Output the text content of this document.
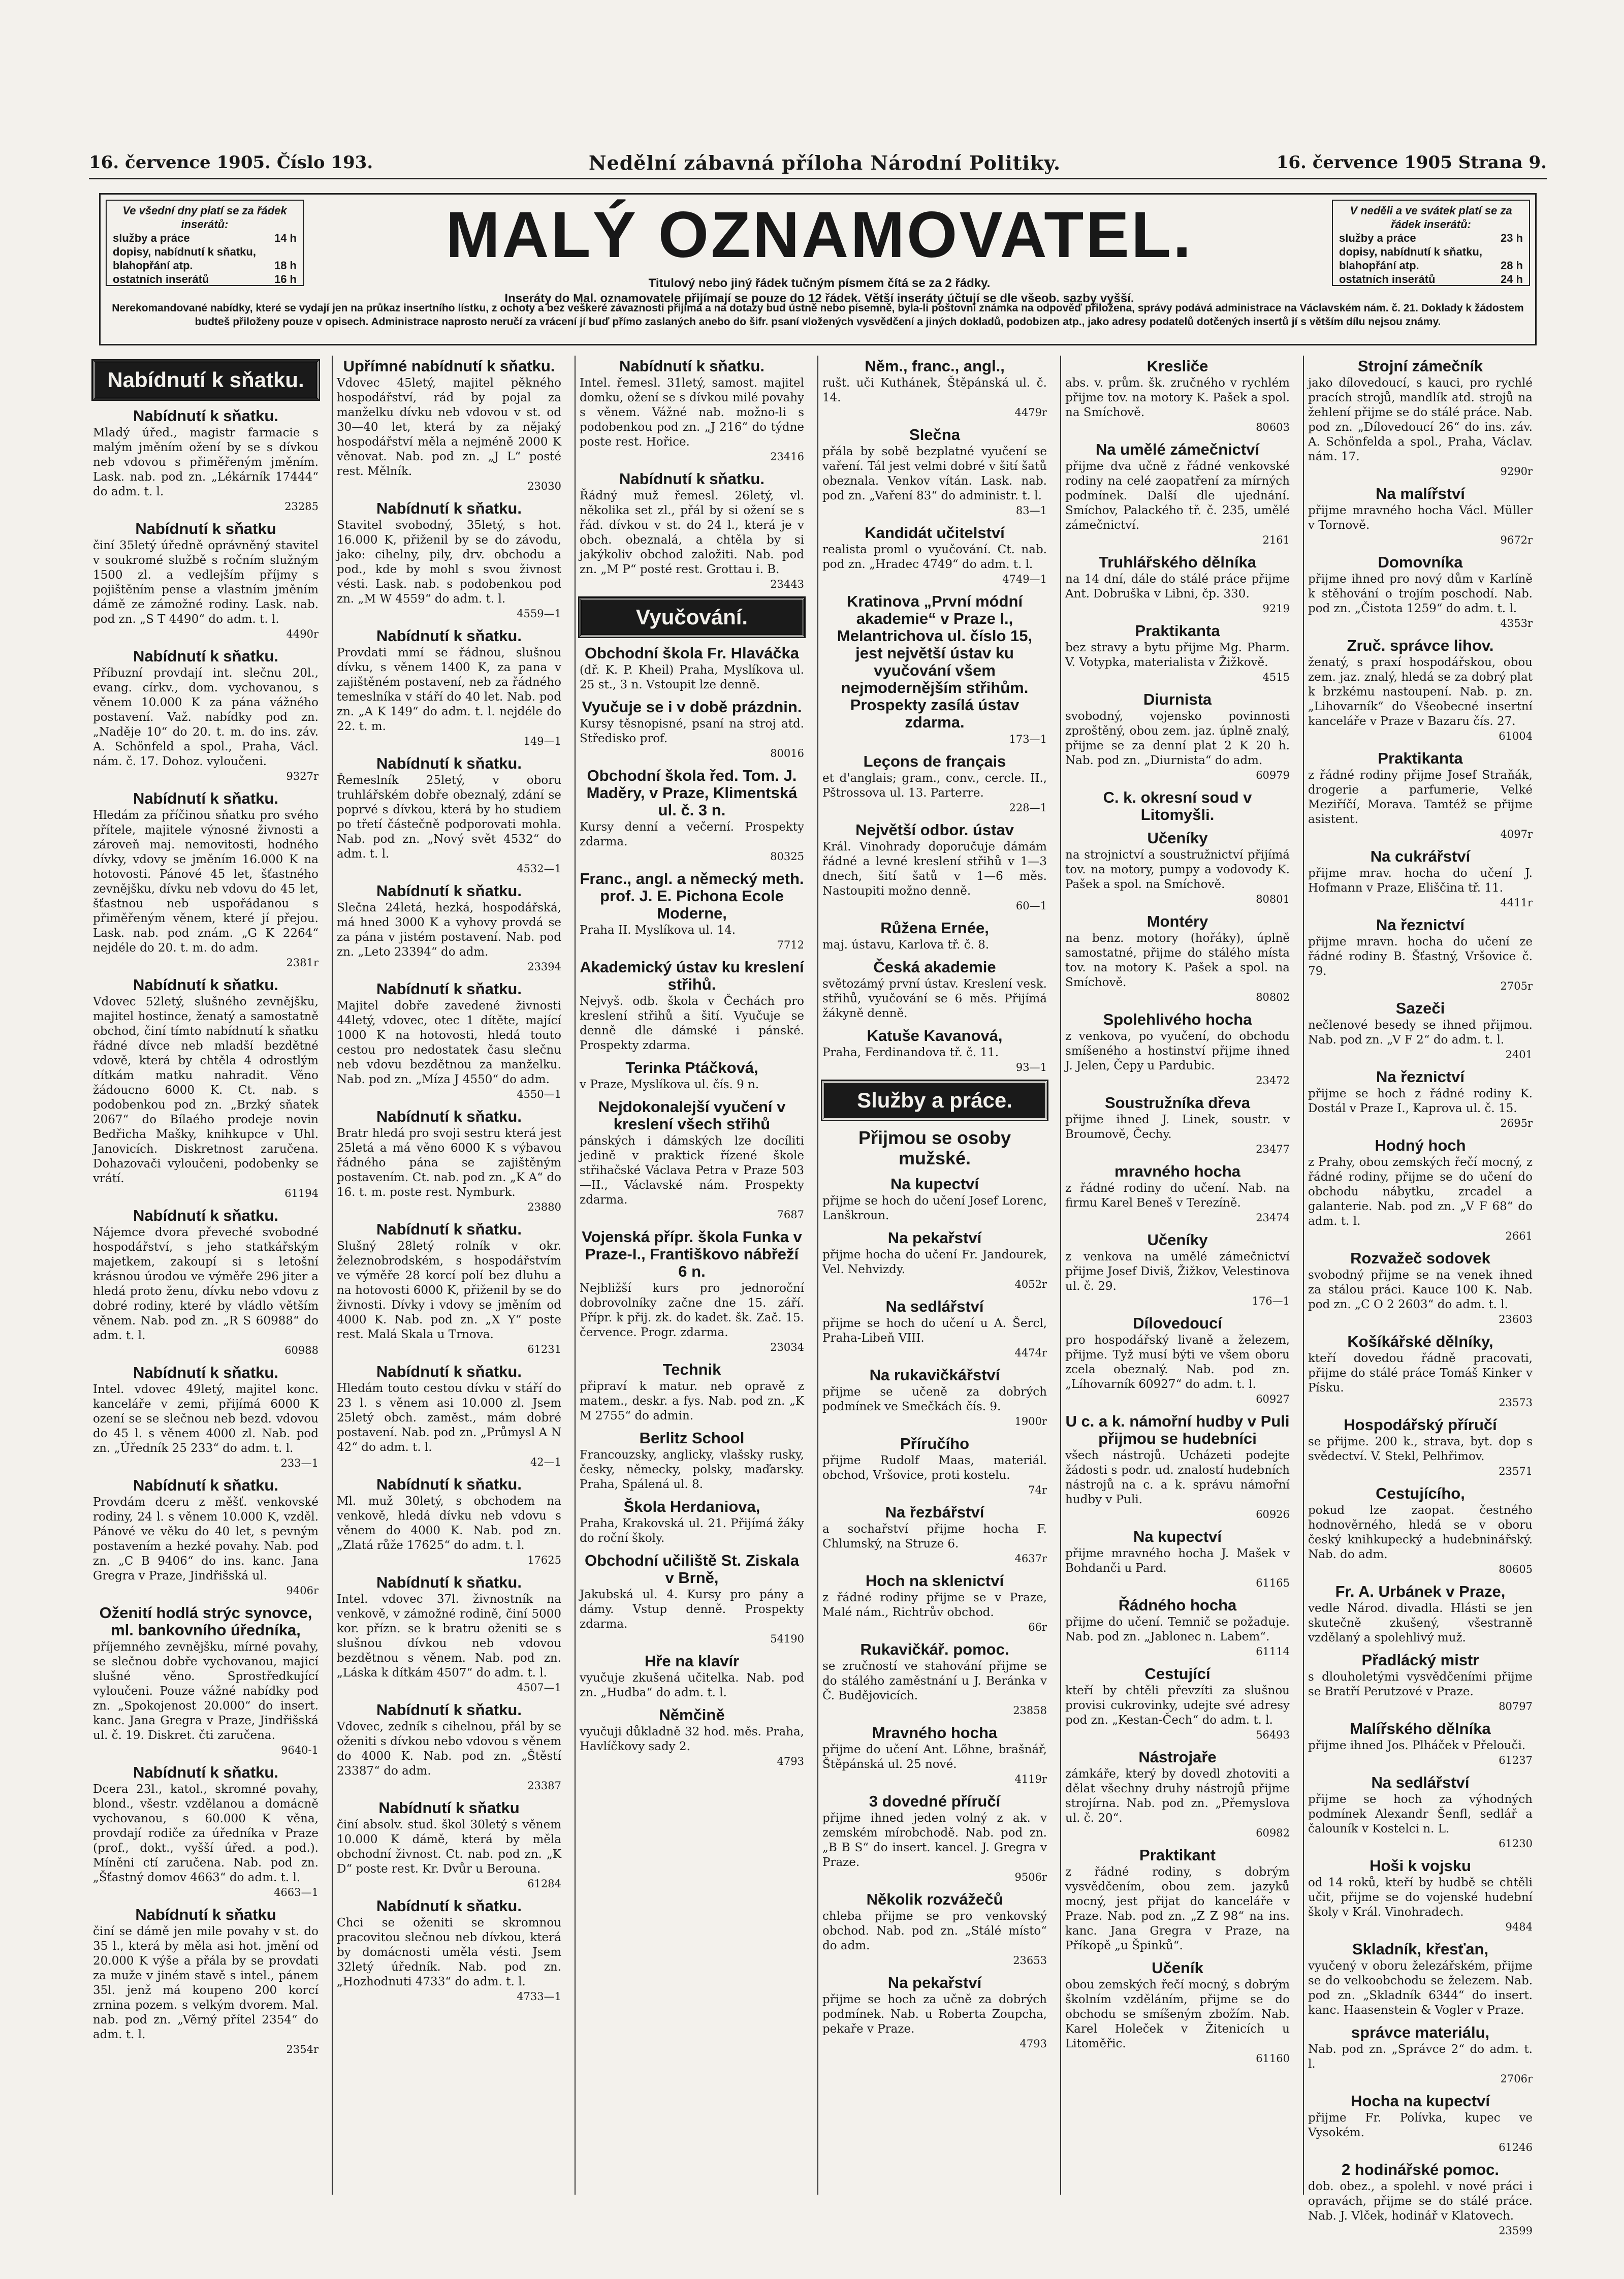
16. července 1905. Číslo 193.	Nedělní zábavná příloha Národní Politiky.	16. července 1905 Strana 9.
Ve všední dny platí se za řádek inserátů:
služby a práce	14 h
dopisy, nabídnutí k sňatku,
blahopřání atp.	18 h
ostatních inserátů	16 h
MALÝ OZNAMOVATEL.
Titulový nebo jiný řádek tučným písmem čítá se za 2 řádky.
Inseráty do Mal. oznamovatele přijímají se pouze do 12 řádek. Větší inseráty účtují se dle všeob. sazby vyšší.
V neděli a ve svátek platí se za řádek inserátů:
služby a práce	23 h
dopisy, nabídnutí k sňatku,
blahopřání atp.	28 h
ostatních inserátů	24 h
Nerekomandované nabídky, které se vydají jen na průkaz insertního lístku, z ochoty a bez veškeré závaznosti přijímá a na dotazy bud ústně nebo písemně, byla-li poštovní známka na odpověď přiložena, správy podává administrace na Václavském nám. č. 21. Doklady k žádostem budteš přiloženy pouze v opisech. Administrace naprosto neručí za vrácení jí buď přímo zaslaných anebo do šifr. psaní vložených vysvědčení a jiných dokladů, podobizen atp., jako adresy podatelů dotčených insertů jí s větším dílu nejsou známy.
Nabídnutí k sňatku.
Nabídnutí k sňatku.
Mladý úřed., magistr farmacie s malým jměním ožení by se s dívkou neb vdovou s přiměřeným jměním. Lask. nab. pod zn. „Lékárník 17444“ do adm. t. l.
23285
Nabídnutí k sňatku
činí 35letý úředně oprávněný stavitel v soukromé službě s ročním služným 1500 zl. a vedlejším příjmy s pojištěním pense a vlastním jměním dámě ze zámožné rodiny. Lask. nab. pod zn. „S T 4490“ do adm. t. l.
4490r
Nabídnutí k sňatku.
Příbuzní provdají int. slečnu 20l., evang. církv., dom. vychovanou, s věnem 10.000 K za pána vážného postavení. Važ. nabídky pod zn. „Naděje 10“ do 20. t. m. do ins. záv. A. Schönfeld a spol., Praha, Václ. nám. č. 17. Dohoz. vyloučeni.
9327r
Nabídnutí k sňatku.
Hledám za příčinou sňatku pro svého přítele, majitele výnosné živnosti a zároveň maj. nemovitosti, hodného dívky, vdovy se jměním 16.000 K na hotovosti. Pánové 45 let, šťastného zevnějšku, dívku neb vdovu do 45 let, šťastnou neb uspořádanou s přiměřeným věnem, které jí přejou. Lask. nab. pod znám. „G K 2264“ nejdéle do 20. t. m. do adm.
2381r
Nabídnutí k sňatku.
Vdovec 52letý, slušného zevnějšku, majitel hostince, ženatý a samostatně obchod, činí tímto nabídnutí k sňatku řádné dívce neb mladší bezdětné vdově, která by chtěla 4 odrostlým dítkám matku nahradit. Věno žádoucno 6000 K. Ct. nab. s podobenkou pod zn. „Brzký sňatek 2067“ do Bílaého prodeje novin Bedřicha Mašky, knihkupce v Uhl. Janovicích. Diskretnost zaručena. Dohazovači vyloučeni, podobenky se vrátí.
61194
Nabídnutí k sňatku.
Nájemce dvora převeché svobodné hospodářství, s jeho statkářským majetkem, zakoupí si s letošní krásnou úrodou ve výměře 296 jiter a hledá proto ženu, dívku nebo vdovu z dobré rodiny, které by vládlo větším věnem. Nab. pod zn. „R S 60988“ do adm. t. l.
60988
Nabídnutí k sňatku.
Intel. vdovec 49letý, majitel konc. kanceláře v zemi, přijímá 6000 K ození se se slečnou neb bezd. vdovou do 45 l. s věnem 4000 zl. Nab. pod zn. „Úředník 25 233“ do adm. t. l.
233—1
Nabídnutí k sňatku.
Provdám dceru z měšť. venkovské rodiny, 24 l. s věnem 10.000 K, vzděl. Pánové ve věku do 40 let, s pevným postavením a hezké povahy. Nab. pod zn. „C B 9406“ do ins. kanc. Jana Gregra v Praze, Jindřišská ul.
9406r
Oženití hodlá strýc synovce, ml. bankovního úředníka,
příjemného zevnějšku, mírné povahy, se slečnou dobře vychovanou, majicí slušné věno. Sprostředkující vyloučeni. Pouze vážné nabídky pod zn. „Spokojenost 20.000“ do insert. kanc. Jana Gregra v Praze, Jindřišská ul. č. 19. Diskret. čti zaručena.
9640-1
Nabídnutí k sňatku.
Dcera 23l., katol., skromné povahy, blond., všestr. vzdělanou a domácně vychovanou, s 60.000 K věna, provdají rodiče za úředníka v Praze (prof., dokt., vyšší úřed. a pod.). Míněni ctí zaručena. Nab. pod zn. „Šťastný domov 4663“ do adm. t. l.
4663—1
Nabídnutí k sňatku
činí se dámě jen mile povahy v st. do 35 l., která by měla asi hot. jmění od 20.000 K výše a přála by se provdati za muže v jiném stavě s intel., pánem 35l. jenž má koupeno 200 korcí zrnina pozem. s velkým dvorem. Mal. nab. pod zn. „Věrný přítel 2354“ do adm. t. l.
2354r
Upřímné nabídnutí k sňatku.
Vdovec 45letý, majitel pěkného hospodářství, rád by pojal za manželku dívku neb vdovou v st. od 30—40 let, která by za nějaký hospodářství měla a nejméně 2000 K věnovat. Nab. pod zn. „J L“ posté rest. Mělník.
23030
Nabídnutí k sňatku.
Stavitel svobodný, 35letý, s hot. 16.000 K, přiženil by se do závodu, jako: cihelny, pily, drv. obchodu a pod., kde by mohl s svou živnost vésti. Lask. nab. s podobenkou pod zn. „M W 4559“ do adm. t. l.
4559—1
Nabídnutí k sňatku.
Provdati mmí se řádnou, slušnou dívku, s věnem 1400 K, za pana v zajištěném postavení, neb za řádného temeslníka v stáří do 40 let. Nab. pod zn. „A K 149“ do adm. t. l. nejdéle do 22. t. m.
149—1
Nabídnutí k sňatku.
Řemeslník 25letý, v oboru truhlářském dobře obeznalý, zdání se poprvé s dívkou, která by ho studiem po třetí částečně podporovati mohla. Nab. pod zn. „Nový svět 4532“ do adm. t. l.
4532—1
Nabídnutí k sňatku.
Slečna 24letá, hezká, hospodářská, má hned 3000 K a vyhovy provdá se za pána v jistém postavení. Nab. pod zn. „Leto 23394“ do adm.
23394
Nabídnutí k sňatku.
Majitel dobře zavedené živnosti 44letý, vdovec, otec 1 dítěte, mající 1000 K na hotovosti, hledá touto cestou pro nedostatek času slečnu neb vdovu bezdětnou za manželku. Nab. pod zn. „Míza J 4550“ do adm.
4550—1
Nabídnutí k sňatku.
Bratr hledá pro svoji sestru která jest 25letá a má věno 6000 K s výbavou řádného pána se zajištěným postavením. Ct. nab. pod zn. „K A“ do 16. t. m. poste rest. Nymburk.
23880
Nabídnutí k sňatku.
Slušný 28letý rolník v okr. železnobrodském, s hospodářstvím ve výměře 28 korcí polí bez dluhu a na hotovosti 6000 K, přiženil by se do živnosti. Dívky i vdovy se jměním od 4000 K. Nab. pod zn. „X Y“ poste rest. Malá Skala u Trnova.
61231
Nabídnutí k sňatku.
Hledám touto cestou dívku v stáří do 23 l. s věnem asi 10.000 zl. Jsem 25letý obch. zaměst., mám dobré postavení. Nab. pod zn. „Průmysl A N 42“ do adm. t. l.
42—1
Nabídnutí k sňatku.
Ml. muž 30letý, s obchodem na venkově, hledá dívku neb vdovu s věnem do 4000 K. Nab. pod zn. „Zlatá růže 17625“ do adm. t. l.
17625
Nabídnutí k sňatku.
Intel. vdovec 37l. živnostník na venkově, v zámožné rodině, činí 5000 kor. přízn. se k bratru oženiti se s slušnou dívkou neb vdovou bezdětnou s věnem. Nab. pod zn. „Láska k dítkám 4507“ do adm. t. l.
4507—1
Nabídnutí k sňatku.
Vdovec, zedník s cihelnou, přál by se oženiti s dívkou nebo vdovou s věnem do 4000 K. Nab. pod zn. „Štěstí 23387“ do adm.
23387
Nabídnutí k sňatku
činí absolv. stud. škol 30letý s věnem 10.000 K dámě, která by měla obchodní živnost. Ct. nab. pod zn. „K D“ poste rest. Kr. Dvůr u Berouna.
61284
Nabídnutí k sňatku.
Chci se oženiti se skromnou pracovitou slečnou neb dívkou, která by domácnosti uměla vésti. Jsem 32letý úředník. Nab. pod zn. „Hozhodnuti 4733“ do adm. t. l.
4733—1
Nabídnutí k sňatku.
Intel. řemesl. 31letý, samost. majitel domku, ožení se s dívkou milé povahy s věnem. Vážné nab. možno-li s podobenkou pod zn. „J 216“ do týdne poste rest. Hořice.
23416
Nabídnutí k sňatku.
Řádný muž řemesl. 26letý, vl. několika set zl., přál by si ožení se s řád. dívkou v st. do 24 l., která je v obch. obeznalá, a chtěla by si jakýkoliv obchod založiti. Nab. pod zn. „M P“ posté rest. Grottau i. B.
23443
Vyučování.
Obchodní škola Fr. Hlaváčka
(dř. K. P. Kheil) Praha, Myslíkova ul. 25 st., 3 n. Vstoupit lze denně.
Vyučuje se i v době prázdnin.
Kursy těsnopisné, psaní na stroj atd. Středisko prof.
80016
Obchodní škola řed. Tom. J. Maděry, v Praze, Klimentská ul. č. 3 n.
Kursy denní a večerní. Prospekty zdarma.
80325
Franc., angl. a německý meth. prof. J. E. Pichona Ecole Moderne,
Praha II. Myslíkova ul. 14.
7712
Akademický ústav ku kreslení střihů.
Nejvyš. odb. škola v Čechách pro kreslení střihů a šití. Vyučuje se denně dle dámské i pánské. Prospekty zdarma.
Terinka Ptáčková,
v Praze, Myslíkova ul. čís. 9 n.
Nejdokonalejší vyučení v kreslení všech střihů
pánských i dámských lze docíliti jedině v praktick řízené škole střihačské Václava Petra v Praze 503—II., Václavské nám. Prospekty zdarma.
7687
Vojenská přípr. škola Funka v Praze-I., Františkovo nábřeží 6 n.
Nejbližší kurs pro jednoroční dobrovolníky začne dne 15. září. Přípr. k přij. zk. do kadet. šk. Zač. 15. července. Progr. zdarma.
23034
Technik
připraví k matur. neb opravě z matem., deskr. a fys. Nab. pod zn. „K M 2755“ do admin.
Berlitz School
Francouzsky, anglicky, vlašsky rusky, česky, německy, polsky, maďarsky. Praha, Spálená ul. 8.
Škola Herdaniova,
Praha, Krakovská ul. 21. Přijímá žáky do roční školy.
Obchodní učiliště St. Ziskala v Brně,
Jakubská ul. 4. Kursy pro pány a dámy. Vstup denně. Prospekty zdarma.
54190
Hře na klavír
vyučuje zkušená učitelka. Nab. pod zn. „Hudba“ do adm. t. l.
Němčině
vyučuji důkladně 32 hod. měs. Praha, Havlíčkovy sady 2.
4793
Něm., franc., angl.,
rušt. uči Kuthánek, Štěpánská ul. č. 14.
4479r
Slečna
přála by sobě bezplatné vyučení se vaření. Tál jest velmi dobré v šití šatů obeznala. Venkov vítán. Lask. nab. pod zn. „Vaření 83“ do administr. t. l.
83—1
Kandidát učitelství
realista proml o vyučování. Ct. nab. pod zn. „Hradec 4749“ do adm. t. l.
4749—1
Kratinova „První módní akademie“ v Praze I., Melantrichova ul. číslo 15, jest největší ústav ku vyučování všem nejmodernějším střihům. Prospekty zasílá ústav zdarma.
173—1
Leçons de français
et d'anglais; gram., conv., cercle. II., Pštrossova ul. 13. Parterre.
228—1
Největší odbor. ústav
Král. Vinohrady doporučuje dámám řádné a levné kreslení střihů v 1—3 dnech, šití šatů v 1—6 měs. Nastoupiti možno denně.
60—1
Růžena Ernée,
maj. ústavu, Karlova tř. č. 8.
Česká akademie
světozámý první ústav. Kreslení vesk. střihů, vyučování se 6 měs. Přijímá žákyně denně.
Katuše Kavanová,
Praha, Ferdinandova tř. č. 11.
93—1
Služby a práce.
Přijmou se osoby mužské.
Na kupectví
přijme se hoch do učení Josef Lorenc, Lanškroun.
Na pekařství
přijme hocha do učení Fr. Jandourek, Vel. Nehvizdy.
4052r
Na sedlářství
přijme se hoch do učení u A. Šercl, Praha-Libeň VIII.
4474r
Na rukavičkářství
přijme se učeně za dobrých podmínek ve Smečkách čís. 9.
1900r
Příručího
přijme Rudolf Maas, materiál. obchod, Vršovice, proti kostelu.
74r
Na řezbářství
a sochařství přijme hocha F. Chlumský, na Struze 6.
4637r
Hoch na sklenictví
z řádné rodiny přijme se v Praze, Malé nám., Richtrův obchod.
66r
Rukavičkář. pomoc.
se zručností ve stahování přijme se do stálého zaměstnání u J. Beránka v Č. Budějovicích.
23858
Mravného hocha
přijme do učení Ant. Lõhne, brašnář, Štěpánská ul. 25 nové.
4119r
3 dovedné příručí
přijme ihned jeden volný z ak. v zemském mírobchodě. Nab. pod zn. „B B S“ do insert. kancel. J. Gregra v Praze.
9506r
Několik rozvážečů
chleba přijme se pro venkovský obchod. Nab. pod zn. „Stálé místo“ do adm.
23653
Na pekařství
přijme se hoch za učně za dobrých podmínek. Nab. u Roberta Zoupcha, pekaře v Praze.
4793
Kresliče
abs. v. prům. šk. zručného v rychlém přijme tov. na motory K. Pašek a spol. na Smíchově.
80603
Na umělé zámečnictví
přijme dva učně z řádné venkovské rodiny na celé zaopatření za mírných podmínek. Další dle ujednání. Smíchov, Palackého tř. č. 235, umělé zámečnictví.
2161
Truhlářského dělníka
na 14 dní, dále do stálé práce přijme Ant. Dobruška v Libni, čp. 330.
9219
Praktikanta
bez stravy a bytu přijme Mg. Pharm. V. Votypka, materialista v Žižkově.
4515
Diurnista
svobodný, vojensko povinnosti zproštěný, obou zem. jaz. úplně znalý, přijme se za denní plat 2 K 20 h. Nab. pod zn. „Diurnista“ do adm.
60979
C. k. okresní soud v Litomyšli.
Učeníky
na strojnictví a soustružnictví přijímá tov. na motory, pumpy a vodovody K. Pašek a spol. na Smíchově.
80801
Montéry
na benz. motory (hořáky), úplně samostatné, přijme do stálého místa tov. na motory K. Pašek a spol. na Smíchově.
80802
Spolehlivého hocha
z venkova, po vyučení, do obchodu smíšeného a hostinství přijme ihned J. Jelen, Čepy u Pardubic.
23472
Soustružníka dřeva
přijme ihned J. Linek, soustr. v Broumově, Čechy.
23477
mravného hocha
z řádné rodiny do učení. Nab. na firmu Karel Beneš v Terezíně.
23474
Učeníky
z venkova na umělé zámečnictví přijme Josef Diviš, Žižkov, Velestinova ul. č. 29.
176—1
Dílovedoucí
pro hospodářský livaně a železem, přijme. Tyž musí býti ve všem oboru zcela obeznalý. Nab. pod zn. „Líhovarník 60927“ do adm. t. l.
60927
U c. a k. námořní hudby v Puli přijmou se hudebníci
všech nástrojů. Ucházeti podejte žádosti s podr. ud. znalostí hudebních nástrojů na c. a k. správu námořní hudby v Puli.
60926
Na kupectví
přijme mravného hocha J. Mašek v Bohdanči u Pard.
61165
Řádného hocha
přijme do učení. Temnič se požaduje. Nab. pod zn. „Jablonec n. Labem“.
61114
Cestující
kteří by chtěli převzíti za slušnou provisi cukrovinky, udejte své adresy pod zn. „Kestan-Čech“ do adm. t. l.
56493
Nástrojaře
zámkáře, který by dovedl zhotoviti a dělat všechny druhy nástrojů přijme strojírna. Nab. pod zn. „Přemyslova ul. č. 20“.
60982
Praktikant
z řádné rodiny, s dobrým vysvědčením, obou zem. jazyků mocný, jest přijat do kanceláře v Praze. Nab. pod zn. „Z Z 98“ na ins. kanc. Jana Gregra v Praze, na Příkopě „u Špinků“.
Učeník
obou zemských řečí mocný, s dobrým školním vzděláním, přijme se do obchodu se smíšeným zbožím. Nab. Karel Holeček v Žitenicích u Litoměřic.
61160
Strojní zámečník
jako dílovedoucí, s kauci, pro rychlé pracích strojů, mandlík atd. strojů na žehlení přijme se do stálé práce. Nab. pod zn. „Dílovedoucí 26“ do ins. záv. A. Schönfelda a spol., Praha, Václav. nám. 17.
9290r
Na malířství
přijme mravného hocha Václ. Müller v Tornově.
9672r
Domovníka
přijme ihned pro nový dům v Karlíně k stěhování o trojím poschodí. Nab. pod zn. „Čistota 1259“ do adm. t. l.
4353r
Zruč. správce lihov.
ženatý, s praxí hospodářskou, obou zem. jaz. znalý, hledá se za dobrý plat k brzkému nastoupení. Nab. p. zn. „Lihovarník“ do Všeobecné insertní kanceláře v Praze v Bazaru čís. 27.
61004
Praktikanta
z řádné rodiny přijme Josef Straňák, drogerie a parfumerie, Velké Meziříčí, Morava. Tamtéž se přijme asistent.
4097r
Na cukrářství
přijme mrav. hocha do učení J. Hofmann v Praze, Eliščina tř. 11.
4411r
Na řeznictví
přijme mravn. hocha do učení ze řádné rodiny B. Šťastný, Vršovice č. 79.
2705r
Sazeči
nečlenové besedy se ihned přijmou. Nab. pod zn. „V F 2“ do adm. t. l.
2401
Na řeznictví
přijme se hoch z řádné rodiny K. Dostál v Praze I., Kaprova ul. č. 15.
2695r
Hodný hoch
z Prahy, obou zemských řečí mocný, z řádné rodiny, přijme se do učení do obchodu nábytku, zrcadel a galanterie. Nab. pod zn. „V F 68“ do adm. t. l.
2661
Rozvažeč sodovek
svobodný přijme se na venek ihned za stálou práci. Kauce 100 K. Nab. pod zn. „C O 2 2603“ do adm. t. l.
23603
Košíkářské dělníky,
kteří dovedou řádně pracovati, přijme do stálé práce Tomáš Kinker v Písku.
23573
Hospodářský příručí
se přijme. 200 k., strava, byt. dop s svědectví. V. Stekl, Pelhřimov.
23571
Cestujícího,
pokud lze zaopat. čestného hodnověrného, hledá se v oboru český knihkupecký a hudebninářský. Nab. do adm.
80605
Fr. A. Urbánek v Praze,
vedle Národ. divadla. Hlásti se jen skutečně zkušený, všestranně vzdělaný a spolehlivý muž.
Přadlácký mistr
s dlouholetými vysvědčeními přijme se Bratří Perutzové v Praze.
80797
Malířského dělníka
přijme ihned Jos. Plháček v Přelouči.
61237
Na sedlářství
přijme se hoch za výhodných podmínek Alexandr Šenfl, sedlář a čalouník v Kostelci n. L.
61230
Hoši k vojsku
od 14 roků, kteří by hudbě se chtěli učit, přijme se do vojenské hudební školy v Král. Vinohradech.
9484
Skladník, křesťan,
vyučený v oboru železářském, přijme se do velkoobchodu se železem. Nab. pod zn. „Skladník 6344“ do insert. kanc. Haasenstein & Vogler v Praze.
správce materiálu,
Nab. pod zn. „Správce 2“ do adm. t. l.
2706r
Hocha na kupectví
přijme Fr. Polívka, kupec ve Vysokém.
61246
2 hodinářské pomoc.
dob. obez., a spolehl. v nové práci i opravách, přijme se do stálé práce. Nab. J. Vlček, hodinář v Klatovech.
23599
